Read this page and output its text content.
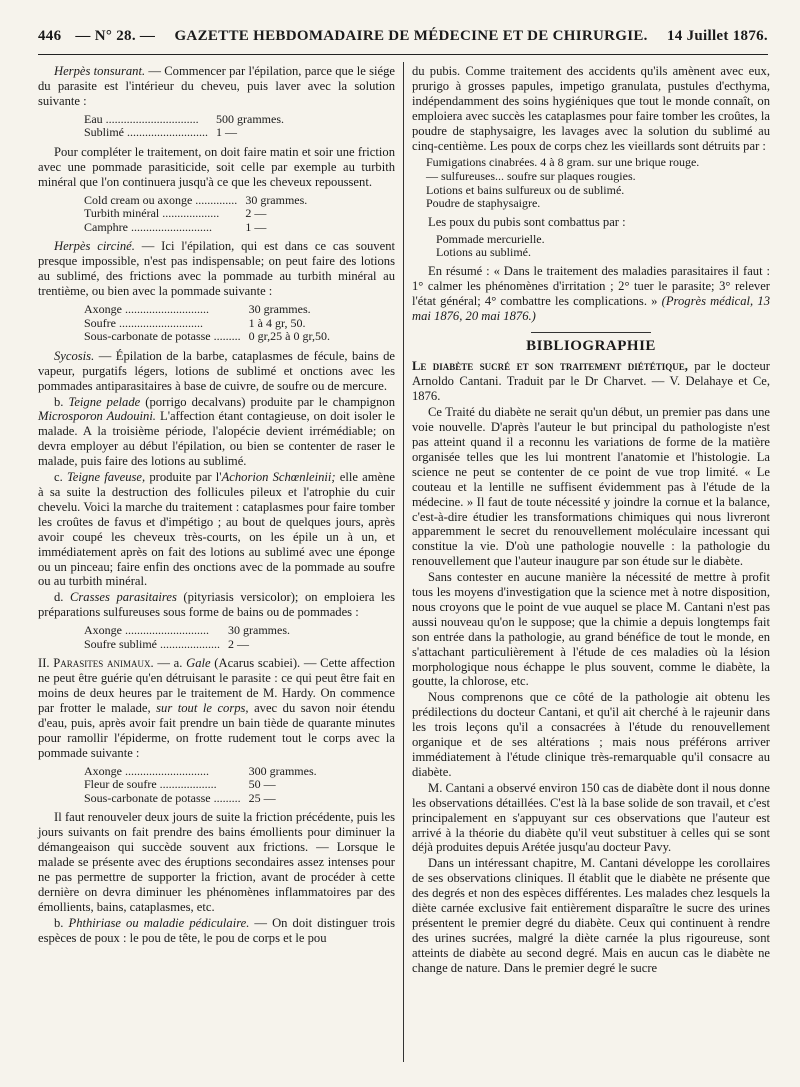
446 — N° 28. —	GAZETTE HEBDOMADAIRE DE MÉDECINE ET DE CHIRURGIE.	14 Juillet 1876.

Herpès tonsurant. — Commencer par l'épilation, parce que le siége du parasite est l'intérieur du cheveu, puis laver avec la solution suivante :

Eau ...............................	500 grammes.
Sublimé ...........................	1 —

Pour compléter le traitement, on doit faire matin et soir une friction avec une pommade parasiticide, soit celle par exemple au turbith minéral que l'on continuera jusqu'à ce que les cheveux repoussent.

Cold cream ou axonge ..............	30 grammes.
Turbith minéral ...................	2 —
Camphre ...........................	1 —

Herpès circiné. — Ici l'épilation, qui est dans ce cas souvent presque impossible, n'est pas indispensable; on peut faire des lotions au sublimé, des frictions avec la pommade au turbith minéral au trentième, ou bien avec la pommade suivante :

Axonge ............................	30 grammes.
Soufre ............................	1 à 4 gr, 50.
Sous-carbonate de potasse .........	0 gr,25 à 0 gr,50.

Sycosis. — Épilation de la barbe, cataplasmes de fécule, bains de vapeur, purgatifs légers, lotions de sublimé et onctions avec les pommades antiparasitaires à base de cuivre, de soufre ou de mercure.

b. Teigne pelade (porrigo decalvans) produite par le champignon Microsporon Audouini. L'affection étant contagieuse, on doit isoler le malade. A la troisième période, l'alopécie devient irrémédiable; on devra employer au début l'épilation, ou bien se contenter de raser le malade, puis faire des lotions au sublimé.

c. Teigne faveuse, produite par l'Achorion Schœnleinii; elle amène à sa suite la destruction des follicules pileux et l'atrophie du cuir chevelu. Voici la marche du traitement : cataplasmes pour faire tomber les croûtes de favus et d'impétigo ; au bout de quelques jours, après avoir coupé les cheveux très-courts, on les épile un à un, et immédiatement après on fait des lotions au sublimé avec une éponge ou un pinceau; faire enfin des onctions avec de la pommade au soufre ou au turbith minéral.

d. Crasses parasitaires (pityriasis versicolor); on emploiera les préparations sulfureuses sous forme de bains ou de pommades :

Axonge ............................	30 grammes.
Soufre sublimé ....................	2 —

II. Parasites animaux. — a. Gale (Acarus scabiei). — Cette affection ne peut être guérie qu'en détruisant le parasite : ce qui peut être fait en moins de deux heures par le traitement de M. Hardy. On commence par frotter le malade, sur tout le corps, avec du savon noir étendu d'eau, puis, après avoir fait prendre un bain tiède de quarante minutes pour ramollir l'épiderme, on frotte rudement tout le corps avec la pommade suivante :

Axonge ............................	300 grammes.
Fleur de soufre ...................	50 —
Sous-carbonate de potasse .........	25 —

Il faut renouveler deux jours de suite la friction précédente, puis les jours suivants on fait prendre des bains émollients pour diminuer la démangeaison qui succède souvent aux frictions. — Lorsque le malade se présente avec des éruptions secondaires assez intenses pour ne pas permettre de supporter la friction, avant de procéder à cette dernière on devra diminuer les phénomènes inflammatoires par des émollients, bains, cataplasmes, etc.

b. Phthiriase ou maladie pédiculaire. — On doit distinguer trois espèces de poux : le pou de tête, le pou de corps et le pou

du pubis. Comme traitement des accidents qu'ils amènent avec eux, prurigo à grosses papules, impetigo granulata, pustules d'ecthyma, indépendamment des soins hygiéniques que tout le monde connaît, on emploiera avec succès les cataplasmes pour faire tomber les croûtes, la poudre de staphysaigre, les lavages avec la solution du sublimé au cinq-centième. Les poux de corps chez les vieillards sont détruits par :

Fumigations cinabrées. 4 à 8 gram. sur une brique rouge.
— sulfureuses... soufre sur plaques rougies.
Lotions et bains sulfureux ou de sublimé.
Poudre de staphysaigre.

Les poux du pubis sont combattus par :

Pommade mercurielle.
Lotions au sublimé.

En résumé : « Dans le traitement des maladies parasitaires il faut : 1° calmer les phénomènes d'irritation ; 2° tuer le parasite; 3° relever l'état général; 4° combattre les complications. » (Progrès médical, 13 mai 1876, 20 mai 1876.)

BIBLIOGRAPHIE

Le diabète sucré et son traitement diététique, par le docteur Arnoldo Cantani. Traduit par le Dr Charvet. — V. Delahaye et Ce, 1876.

Ce Traité du diabète ne serait qu'un début, un premier pas dans une voie nouvelle. D'après l'auteur le but principal du pathologiste n'est pas atteint quand il a reconnu les variations de forme de la matière organisée telles que les lui montrent l'anatomie et l'histologie. La science ne peut se contenter de ce point de vue trop limité. « Le couteau et la lentille ne suffisent évidemment pas à l'étude de la médecine. » Il faut de toute nécessité y joindre la cornue et la balance, c'est-à-dire étudier les transformations chimiques qui nous livreront apparemment le secret du renouvellement moléculaire incessant qui constitue la vie. D'où une pathologie nouvelle : la pathologie du renouvellement que l'auteur inaugure par son étude sur le diabète.

Sans contester en aucune manière la nécessité de mettre à profit tous les moyens d'investigation que la science met à notre disposition, nous croyons que le point de vue auquel se place M. Cantani n'est pas aussi nouveau qu'on le suppose; que la chimie a depuis longtemps fait son entrée dans la pathologie, au grand bénéfice de tout le monde, en s'attachant particulièrement à l'étude de ces maladies où la lésion morphologique nous échappe le plus souvent, comme le diabète, la goutte, la chlorose, etc.

Nous comprenons que ce côté de la pathologie ait obtenu les prédilections du docteur Cantani, et qu'il ait cherché à le rajeunir dans les trois leçons qu'il a consacrées à l'étude du renouvellement organique et de ses altérations ; mais nous préférons arriver immédiatement à l'étude clinique très-remarquable qu'il consacre au diabète.

M. Cantani a observé environ 150 cas de diabète dont il nous donne les observations détaillées. C'est là la base solide de son travail, et c'est principalement en s'appuyant sur ces observations que l'auteur est arrivé à la théorie du diabète qu'il veut substituer à celles qui se sont déjà produites depuis Arétée jusqu'au docteur Pavy.

Dans un intéressant chapitre, M. Cantani développe les corollaires de ses observations cliniques. Il établit que le diabète ne présente que des degrés et non des espèces différentes. Les malades chez lesquels la diète carnée exclusive fait entièrement disparaître le sucre des urines présentent le premier degré du diabète. Ceux qui continuent à rendre des urines sucrées, malgré la diète carnée la plus rigoureuse, sont atteints de diabète au second degré. Mais en aucun cas le diabète ne change de nature. Dans le premier degré le sucre
